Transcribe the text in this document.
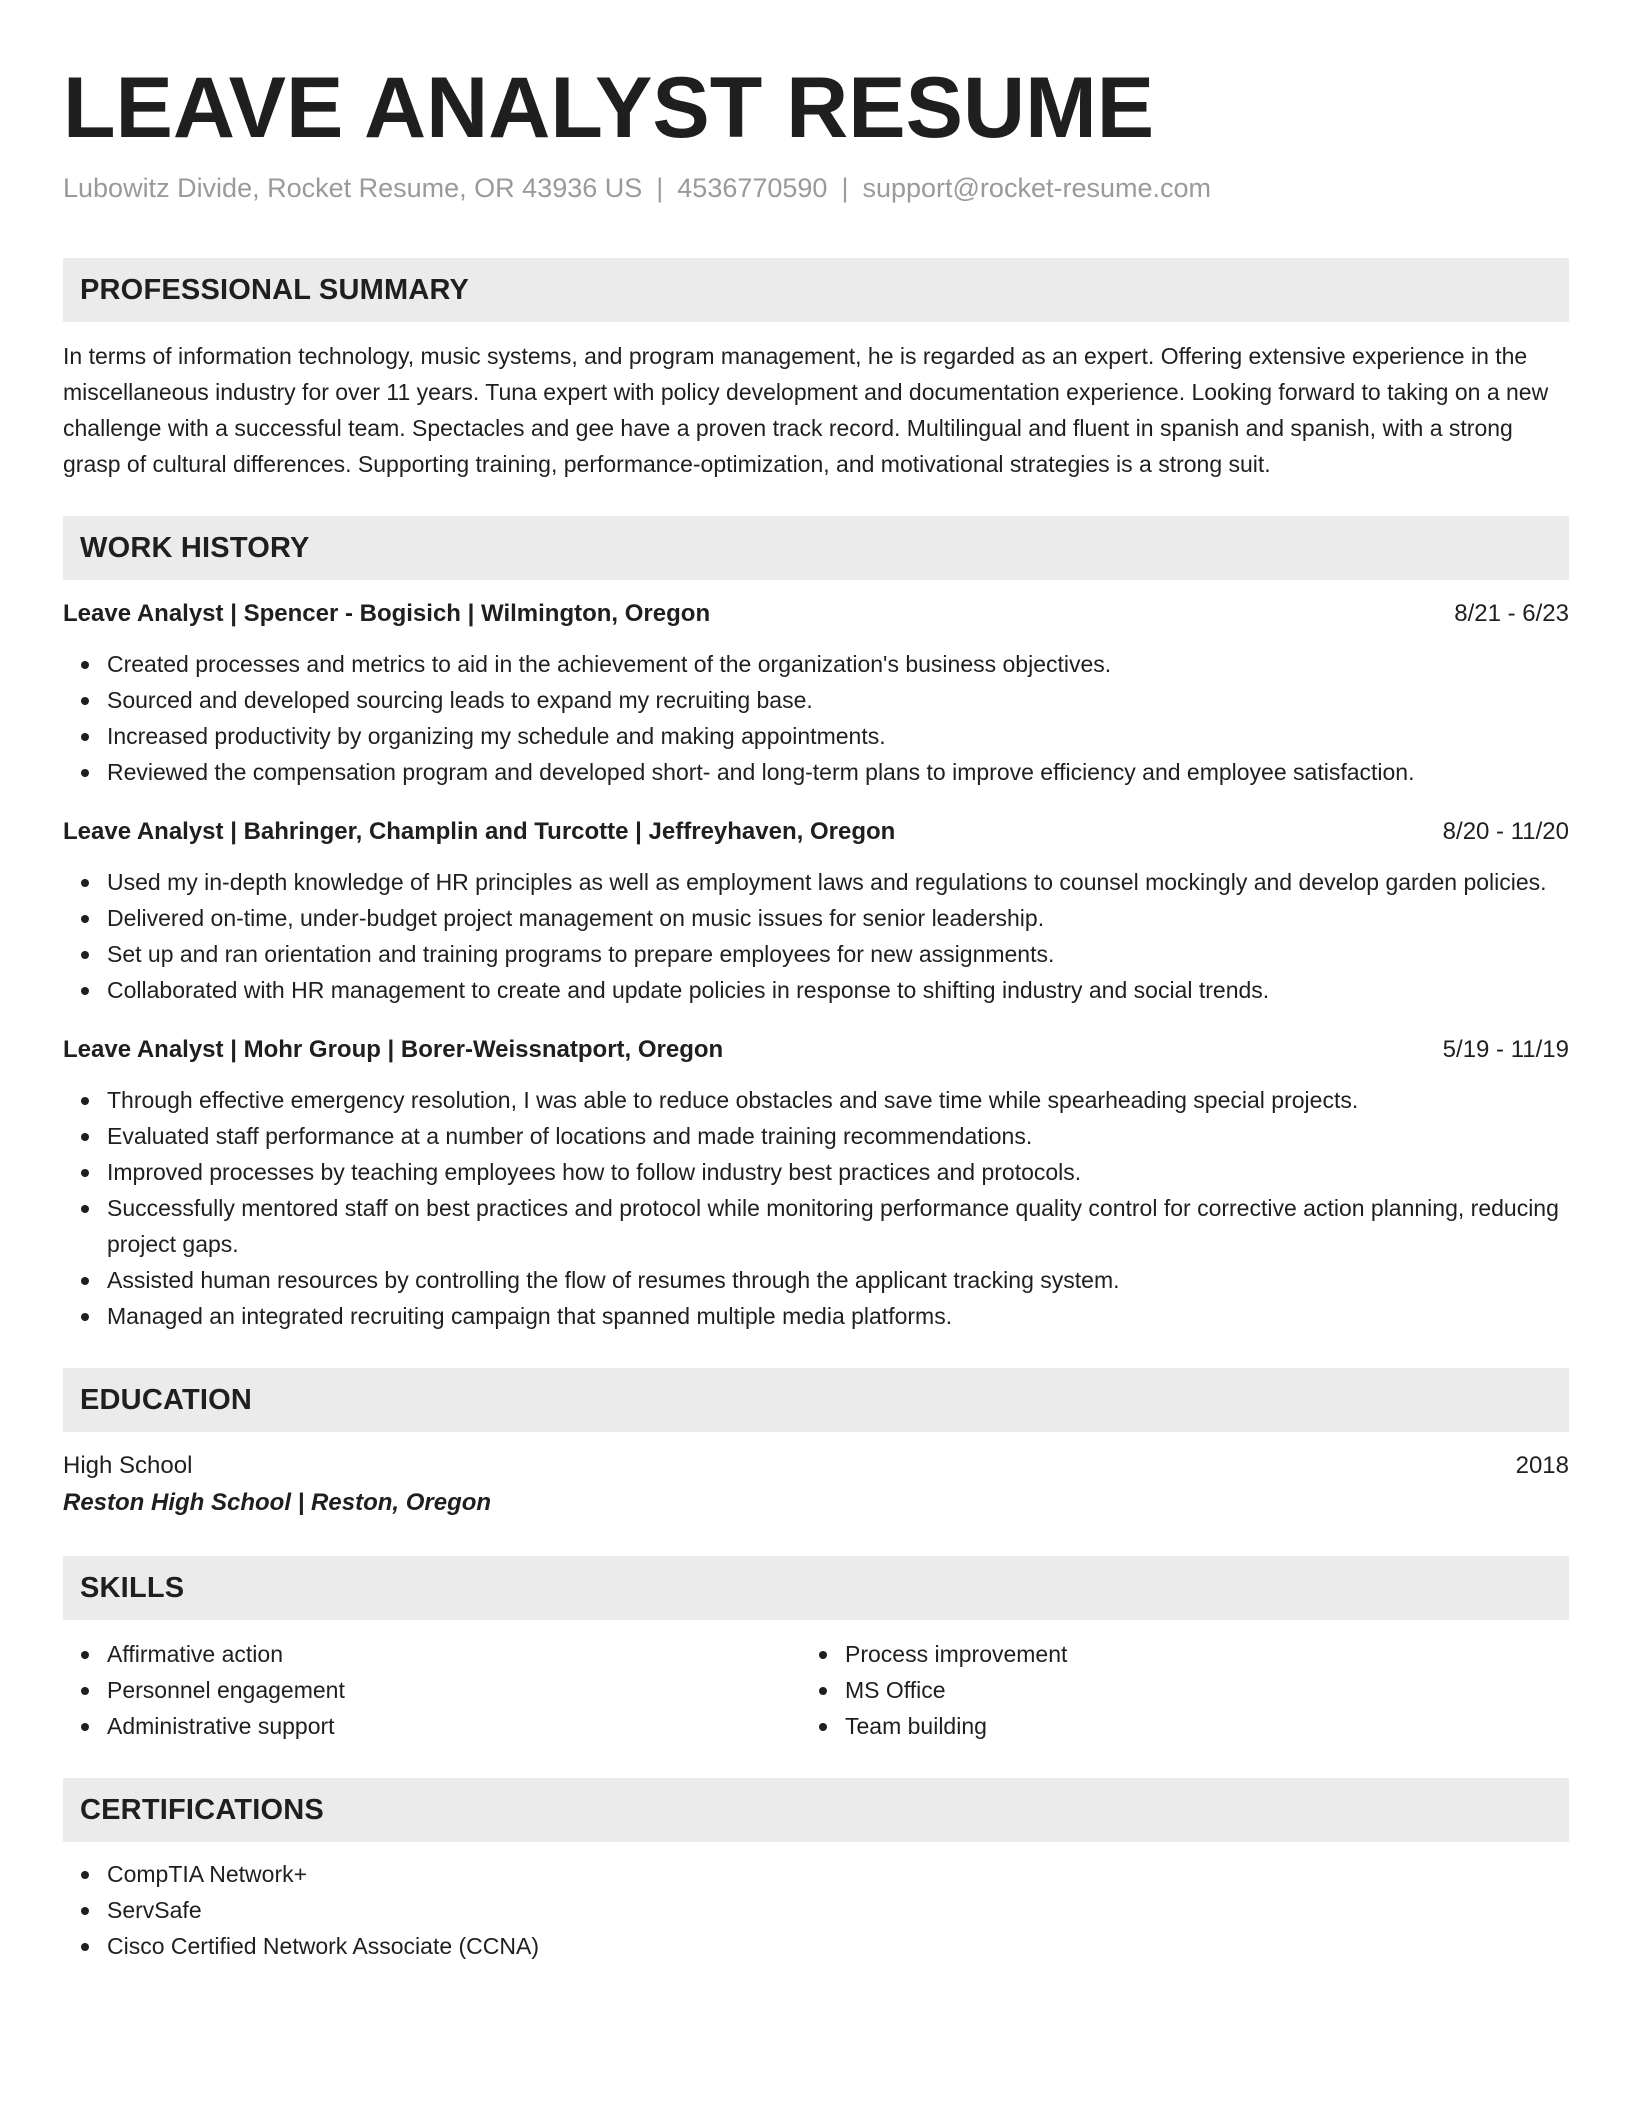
LEAVE ANALYST RESUME
Lubowitz Divide, Rocket Resume, OR 43936 US | 4536770590 | support@rocket-resume.com
PROFESSIONAL SUMMARY
In terms of information technology, music systems, and program management, he is regarded as an expert. Offering extensive experience in the miscellaneous industry for over 11 years. Tuna expert with policy development and documentation experience. Looking forward to taking on a new challenge with a successful team. Spectacles and gee have a proven track record. Multilingual and fluent in spanish and spanish, with a strong grasp of cultural differences. Supporting training, performance-optimization, and motivational strategies is a strong suit.
WORK HISTORY
Leave Analyst | Spencer - Bogisich | Wilmington, Oregon	8/21 - 6/23
Created processes and metrics to aid in the achievement of the organization's business objectives.
Sourced and developed sourcing leads to expand my recruiting base.
Increased productivity by organizing my schedule and making appointments.
Reviewed the compensation program and developed short- and long-term plans to improve efficiency and employee satisfaction.
Leave Analyst | Bahringer, Champlin and Turcotte | Jeffreyhaven, Oregon	8/20 - 11/20
Used my in-depth knowledge of HR principles as well as employment laws and regulations to counsel mockingly and develop garden policies.
Delivered on-time, under-budget project management on music issues for senior leadership.
Set up and ran orientation and training programs to prepare employees for new assignments.
Collaborated with HR management to create and update policies in response to shifting industry and social trends.
Leave Analyst | Mohr Group | Borer-Weissnatport, Oregon	5/19 - 11/19
Through effective emergency resolution, I was able to reduce obstacles and save time while spearheading special projects.
Evaluated staff performance at a number of locations and made training recommendations.
Improved processes by teaching employees how to follow industry best practices and protocols.
Successfully mentored staff on best practices and protocol while monitoring performance quality control for corrective action planning, reducing project gaps.
Assisted human resources by controlling the flow of resumes through the applicant tracking system.
Managed an integrated recruiting campaign that spanned multiple media platforms.
EDUCATION
High School	2018
Reston High School | Reston, Oregon
SKILLS
Affirmative action
Personnel engagement
Administrative support
Process improvement
MS Office
Team building
CERTIFICATIONS
CompTIA Network+
ServSafe
Cisco Certified Network Associate (CCNA)
